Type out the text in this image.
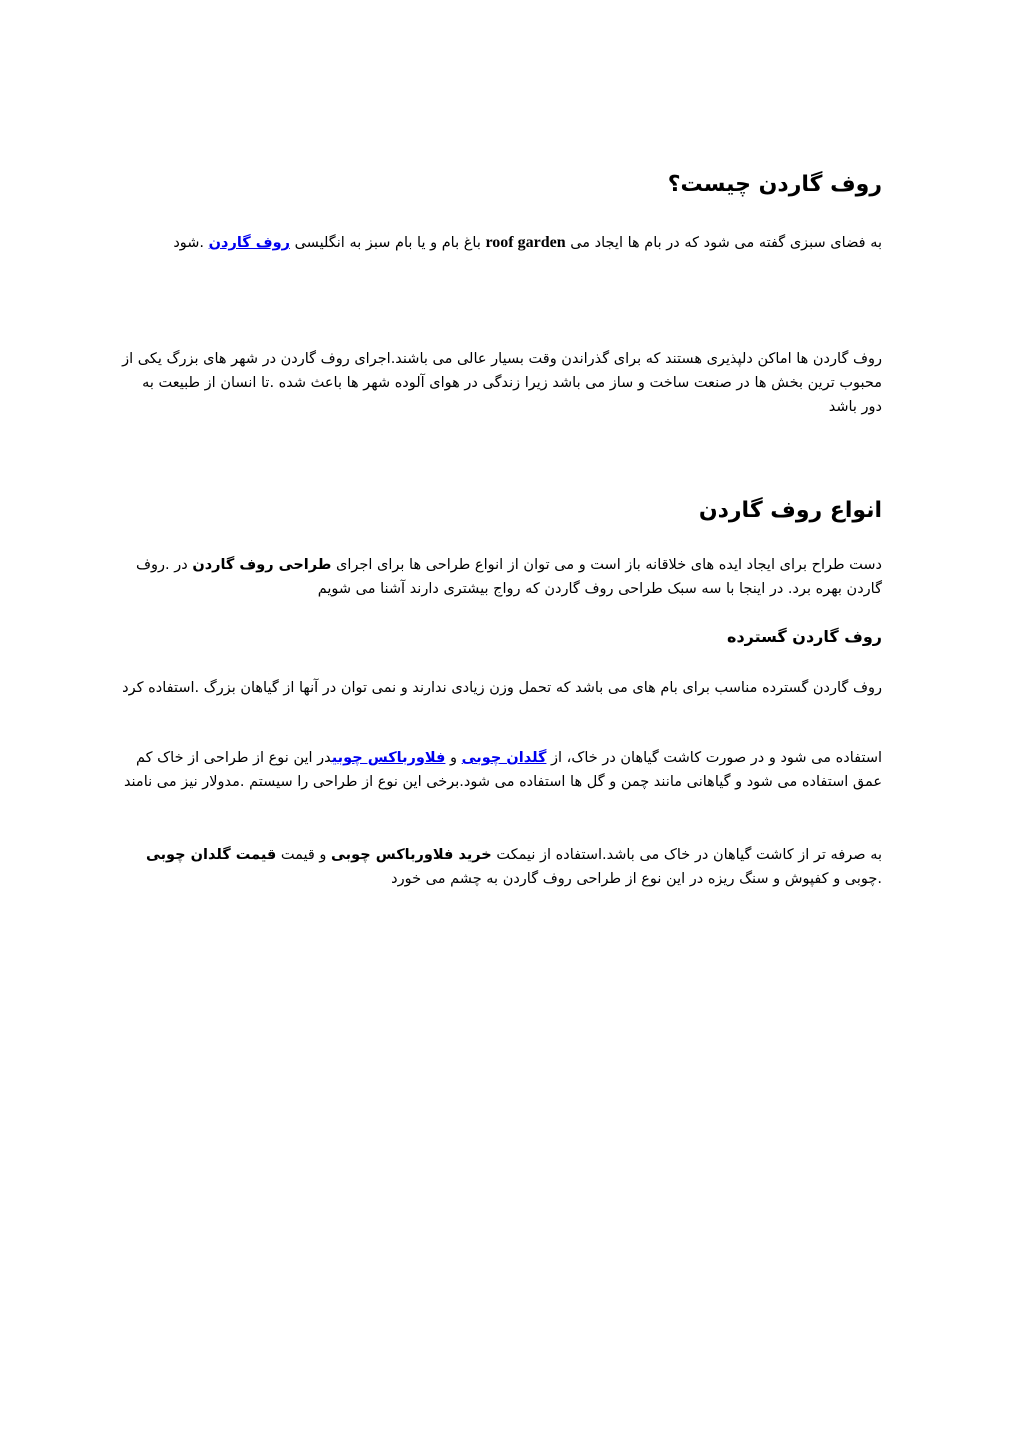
روف گاردن چیست؟

به فضای سبزی گفته می شود که در بام ها ایجاد می roof garden باغ بام و یا بام سبز به انگلیسی روف گاردن .شود

روف گاردن ها اماکن دلپذیری هستند که برای گذراندن وقت بسیار عالی می باشند.اجرای روف گاردن در شهر های بزرگ یکی از محبوب ترین بخش ها در صنعت ساخت و ساز می باشد زیرا زندگی در هوای آلوده شهر ها باعث شده .تا انسان از طبیعت به دور باشد

انواع روف گاردن

دست طراح برای ایجاد ایده های خلاقانه باز است و می توان از انواع طراحی ها برای اجرای طراحی روف گاردن در .روف گاردن بهره برد. در اینجا با سه سبک طراحی روف گاردن که رواج بیشتری دارند آشنا می شویم

روف گاردن گسترده

روف گاردن گسترده مناسب برای بام های می باشد که تحمل وزن زیادی ندارند و نمی توان در آنها از گیاهان بزرگ .استفاده کرد

استفاده می شود و در صورت کاشت گیاهان در خاک، از گلدان چوبی و فلاورباکس چوبیدر این نوع از طراحی از خاک کم عمق استفاده می شود و گیاهانی مانند چمن و گل ها استفاده می شود.برخی این نوع از طراحی را سیستم .مدولار نیز می نامند

به صرفه تر از کاشت گیاهان در خاک می باشد.استفاده از نیمکت خرید فلاورباکس چوبی و قیمت قیمت گلدان چوبی .چوبی و کفپوش و سنگ ریزه در این نوع از طراحی روف گاردن به چشم می خورد
